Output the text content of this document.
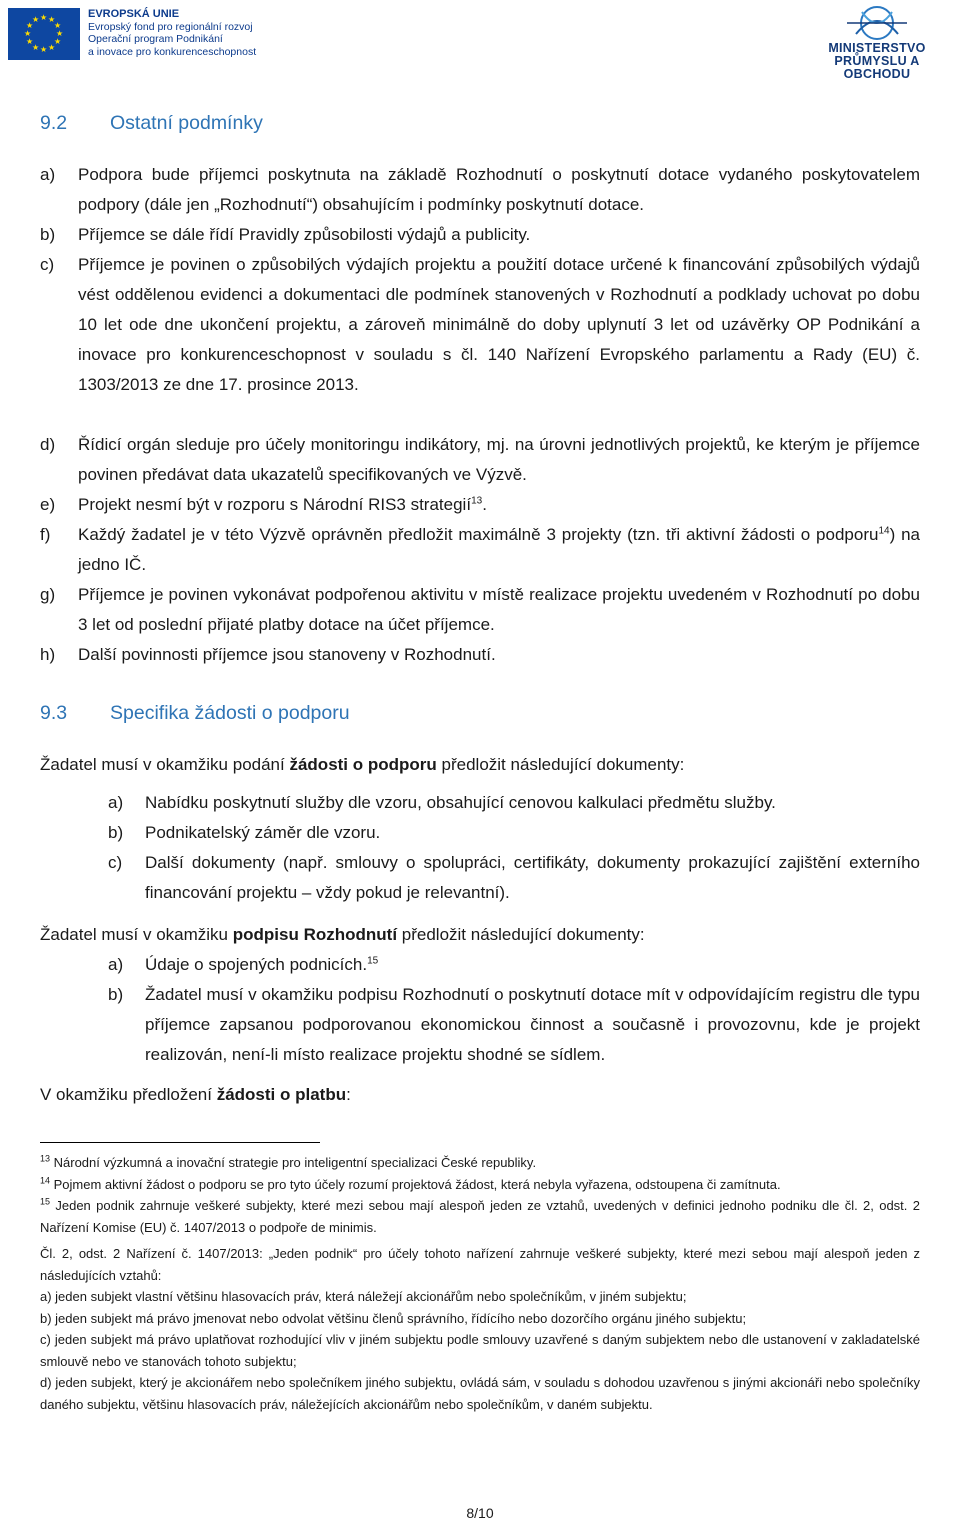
★ ★
★
★
★
★
★
★
★
★
★
★	EVROPSKÁ UNIE
Evropský fond pro regionální rozvoj
Operační program Podnikání
a inovace pro konkurenceschopnost	MINISTERSTVO
PRŮMYSLU A OBCHODU
9.2 Ostatní podmínky
a) Podpora bude příjemci poskytnuta na základě Rozhodnutí o poskytnutí dotace vydaného poskytovatelem podpory (dále jen „Rozhodnutí“) obsahujícím i podmínky poskytnutí dotace.
b) Příjemce se dále řídí Pravidly způsobilosti výdajů a publicity.
c) Příjemce je povinen o způsobilých výdajích projektu a použití dotace určené k financování způsobilých výdajů vést oddělenou evidenci a dokumentaci dle podmínek stanovených v Rozhodnutí a podklady uchovat po dobu 10 let ode dne ukončení projektu, a zároveň minimálně do doby uplynutí 3 let od uzávěrky OP Podnikání a inovace pro konkurenceschopnost v souladu s čl. 140 Nařízení Evropského parlamentu a Rady (EU) č. 1303/2013 ze dne 17. prosince 2013.
d) Řídicí orgán sleduje pro účely monitoringu indikátory, mj. na úrovni jednotlivých projektů, ke kterým je příjemce povinen předávat data ukazatelů specifikovaných ve Výzvě.
e) Projekt nesmí být v rozporu s Národní RIS3 strategií$^{13}$.
f) Každý žadatel je v této Výzvě oprávněn předložit maximálně 3 projekty (tzn. tři aktivní žádosti o podporu$^{14}$) na jedno IČ.
g) Příjemce je povinen vykonávat podpořenou aktivitu v místě realizace projektu uvedeném v Rozhodnutí po dobu 3 let od poslední přijaté platby dotace na účet příjemce.
h) Další povinnosti příjemce jsou stanoveny v Rozhodnutí.
9.3 Specifika žádosti o podporu
Žadatel musí v okamžiku podání žádosti o podporu předložit následující dokumenty:
a) Nabídku poskytnutí služby dle vzoru, obsahující cenovou kalkulaci předmětu služby.
b) Podnikatelský záměr dle vzoru.
c) Další dokumenty (např. smlouvy o spolupráci, certifikáty, dokumenty prokazující zajištění externího financování projektu – vždy pokud je relevantní).
Žadatel musí v okamžiku podpisu Rozhodnutí předložit následující dokumenty:
a) Údaje o spojených podnicích.$^{15}$
b) Žadatel musí v okamžiku podpisu Rozhodnutí o poskytnutí dotace mít v odpovídajícím registru dle typu příjemce zapsanou podporovanou ekonomickou činnost a současně i provozovnu, kde je projekt realizován, není-li místo realizace projektu shodné se sídlem.
V okamžiku předložení žádosti o platbu:
$^{13}$ Národní výzkumná a inovační strategie pro inteligentní specializaci České republiky.
$^{14}$ Pojmem aktivní žádost o podporu se pro tyto účely rozumí projektová žádost, která nebyla vyřazena, odstoupena či zamítnuta.
$^{15}$ Jeden podnik zahrnuje veškeré subjekty, které mezi sebou mají alespoň jeden ze vztahů, uvedených v definici jednoho podniku dle čl. 2, odst. 2 Nařízení Komise (EU) č. 1407/2013 o podpoře de minimis.
Čl. 2, odst. 2 Nařízení č. 1407/2013: „Jeden podnik“ pro účely tohoto nařízení zahrnuje veškeré subjekty, které mezi sebou mají alespoň jeden z následujících vztahů:
a) jeden subjekt vlastní většinu hlasovacích práv, která náležejí akcionářům nebo společníkům, v jiném subjektu;
b) jeden subjekt má právo jmenovat nebo odvolat většinu členů správního, řídícího nebo dozorčího orgánu jiného subjektu;
c) jeden subjekt má právo uplatňovat rozhodující vliv v jiném subjektu podle smlouvy uzavřené s daným subjektem nebo dle ustanovení v zakladatelské smlouvě nebo ve stanovách tohoto subjektu;
d) jeden subjekt, který je akcionářem nebo společníkem jiného subjektu, ovládá sám, v souladu s dohodou uzavřenou s jinými akcionáři nebo společníky daného subjektu, většinu hlasovacích práv, náležejících akcionářům nebo společníkům, v daném subjektu.
8/10
